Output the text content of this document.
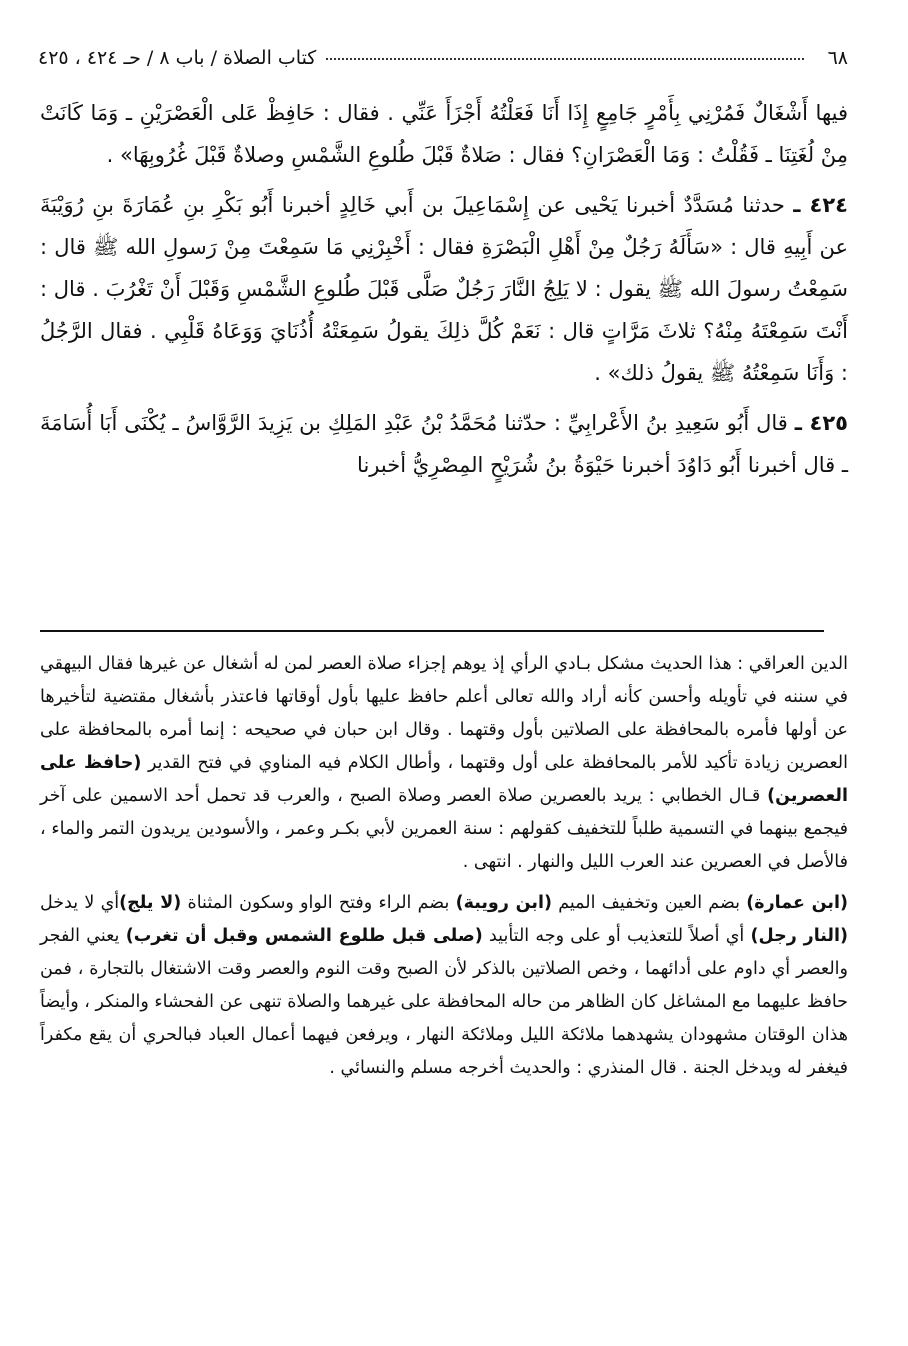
٦٨
كتاب الصلاة / باب ٨ / حـ ٤٢٤ ، ٤٢٥

فيها أَشْغَالٌ فَمُرْنِي بِأَمْرٍ جَامِعٍ إِذَا أَنَا فَعَلْتُهُ أَجْزَأَ عَنِّي . فقال : حَافِظْ عَلى الْعَصْرَيْنِ ـ وَمَا كَانَتْ مِنْ لُغَتِنَا ـ فَقُلْتُ : وَمَا الْعَصْرَانِ؟ فقال : صَلاةٌ قَبْلَ طُلوعِ الشَّمْسِ وصلاةٌ قَبْلَ غُرُوبِهَا» .

٤٢٤ ـ حدثنا مُسَدَّدٌ أخبرنا يَحْيى عن إِسْمَاعِيلَ بن أَبي خَالِدٍ أخبرنا أَبُو بَكْرِ بنِ عُمَارَةَ بنِ رُوَيْبَةَ عن أَبِيهِ قال : «سَأَلَهُ رَجُلٌ مِنْ أَهْلِ الْبَصْرَةِ فقال : أَخْبِرْنِي مَا سَمِعْتَ مِنْ رَسولِ الله ﷺ قال : سَمِعْتُ رسولَ الله ﷺ يقول : لا يَلِجُ النَّارَ رَجُلٌ صَلَّى قَبْلَ طُلوعِ الشَّمْسِ وَقَبْلَ أَنْ تَغْرُبَ . قال : أَنْتَ سَمِعْتَهُ مِنْهُ؟ ثلاثَ مَرَّاتٍ قال : نَعَمْ كُلَّ ذلِكَ يقولُ سَمِعَتْهُ أُذُنَايَ وَوَعَاهُ قَلْبِي . فقال الرَّجُلُ : وَأَنَا سَمِعْتُهُ ﷺ يقولُ ذلك» .

٤٢٥ ـ قال أَبُو سَعِيدِ بنُ الأَعْرابِيِّ : حدّثنا مُحَمَّدُ بْنُ عَبْدِ المَلِكِ بن يَزِيدَ الرَّوَّاسُ ـ يُكْنَى أَبَا أُسَامَةَ ـ قال أخبرنا أَبُو دَاوُدَ أخبرنا حَيْوَةُ بنُ شُرَيْحٍ المِصْرِيُّ أخبرنا

الدين العراقي : هذا الحديث مشكل بـادي الرأي إذ يوهم إجزاء صلاة العصر لمن له أشغال عن غيرها فقال البيهقي في سننه في تأويله وأحسن كأنه أراد والله تعالى أعلم حافظ عليها بأول أوقاتها فاعتذر بأشغال مقتضية لتأخيرها عن أولها فأمره بالمحافظة على الصلاتين بأول وقتهما . وقال ابن حبان في صحيحه : إنما أمره بالمحافظة على العصرين زيادة تأكيد للأمر بالمحافظة على أول وقتهما ، وأطال الكلام فيه المناوي في فتح القدير (حافظ على العصرين) قـال الخطابي : يريد بالعصرين صلاة العصر وصلاة الصبح ، والعرب قد تحمل أحد الاسمين على آخر فيجمع بينهما في التسمية طلباً للتخفيف كقولهم : سنة العمرين لأبي بكـر وعمر ، والأسودين يريدون التمر والماء ، فالأصل في العصرين عند العرب الليل والنهار . انتهى .

(ابن عمارة) بضم العين وتخفيف الميم (ابن رويبة) بضم الراء وفتح الواو وسكون المثناة (لا يلج)أي لا يدخل (النار رجل) أي أصلاً للتعذيب أو على وجه التأبيد (صلى قبل طلوع الشمس وقبل أن تغرب) يعني الفجر والعصر أي داوم على أدائهما ، وخص الصلاتين بالذكر لأن الصبح وقت النوم والعصر وقت الاشتغال بالتجارة ، فمن حافظ عليهما مع المشاغل كان الظاهر من حاله المحافظة على غيرهما والصلاة تنهى عن الفحشاء والمنكر ، وأيضاً هذان الوقتان مشهودان يشهدهما ملائكة الليل وملائكة النهار ، ويرفعن فيهما أعمال العباد فبالحري أن يقع مكفراً فيغفر له ويدخل الجنة . قال المنذري : والحديث أخرجه مسلم والنسائي .
